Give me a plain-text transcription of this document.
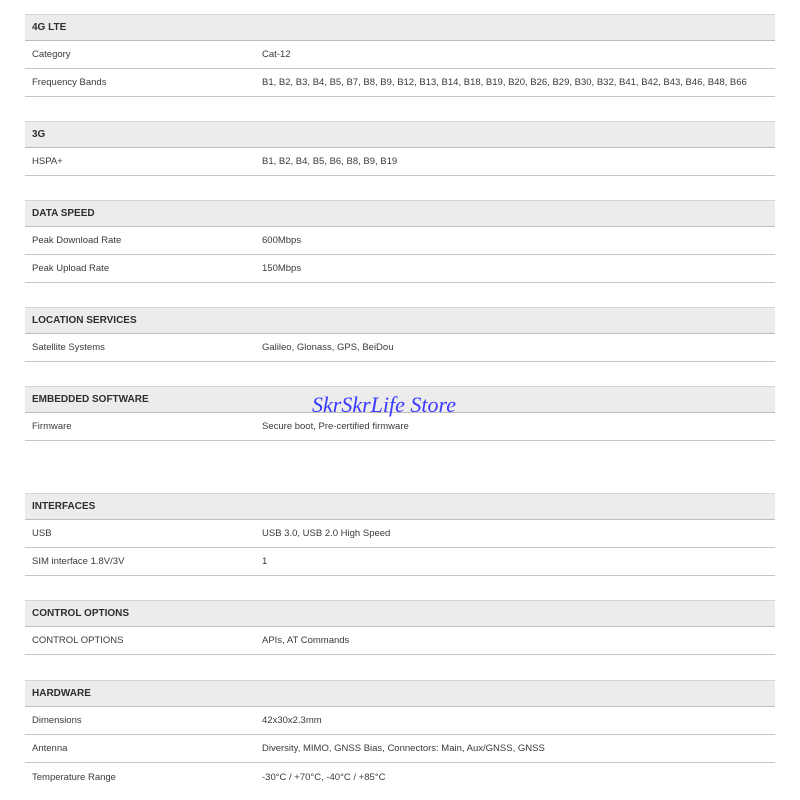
4G LTE
Category	Cat-12
Frequency Bands	B1, B2, B3, B4, B5, B7, B8, B9, B12, B13, B14, B18, B19, B20, B26, B29, B30, B32, B41, B42, B43, B46, B48, B66
3G
HSPA+	B1, B2, B4, B5, B6, B8, B9, B19
DATA SPEED
Peak Download Rate	600Mbps
Peak Upload Rate	150Mbps
LOCATION SERVICES
Satellite Systems	Galileo, Glonass, GPS, BeiDou
EMBEDDED SOFTWARE
Firmware	Secure boot, Pre-certified firmware
INTERFACES
USB	USB 3.0, USB 2.0 High Speed
SIM interface 1.8V/3V	1
CONTROL OPTIONS
CONTROL OPTIONS	APIs, AT Commands
HARDWARE
Dimensions	42x30x2.3mm
Antenna	Diversity, MIMO, GNSS Bias, Connectors: Main, Aux/GNSS, GNSS
Temperature Range	-30°C / +70°C, -40°C / +85°C
SkrSkrLife Store
